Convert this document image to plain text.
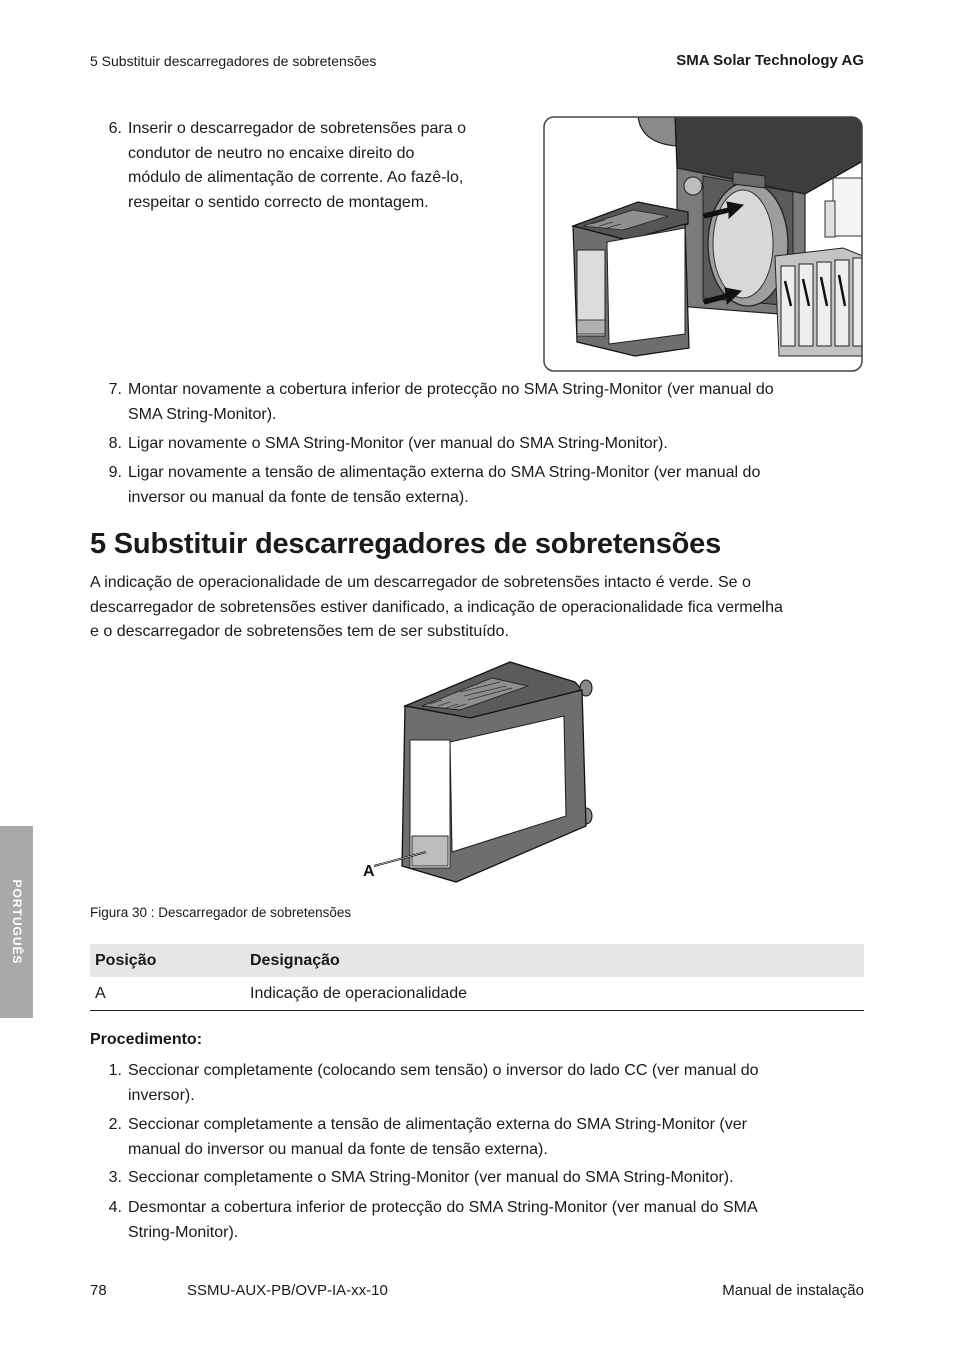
5 Substituir descarregadores de sobretensões	SMA Solar Technology AG
6. Inserir o descarregador de sobretensões para o
condutor de neutro no encaixe direito do
módulo de alimentação de corrente. Ao fazê-lo,
respeitar o sentido correcto de montagem.
7. Montar novamente a cobertura inferior de protecção no SMA String-Monitor (ver manual do
SMA String-Monitor).
8. Ligar novamente o SMA String-Monitor (ver manual do SMA String-Monitor).
9. Ligar novamente a tensão de alimentação externa do SMA String-Monitor (ver manual do
inversor ou manual da fonte de tensão externa).
5 Substituir descarregadores de sobretensões
A indicação de operacionalidade de um descarregador de sobretensões intacto é verde. Se o
descarregador de sobretensões estiver danificado, a indicação de operacionalidade fica vermelha
e o descarregador de sobretensões tem de ser substituído.
A
Figura 30 : Descarregador de sobretensões
Posição	Designação
A	Indicação de operacionalidade
Procedimento:
1. Seccionar completamente (colocando sem tensão) o inversor do lado CC (ver manual do
inversor).
2. Seccionar completamente a tensão de alimentação externa do SMA String-Monitor (ver
manual do inversor ou manual da fonte de tensão externa).
3. Seccionar completamente o SMA String-Monitor (ver manual do SMA String-Monitor).
4. Desmontar a cobertura inferior de protecção do SMA String-Monitor (ver manual do SMA
String-Monitor).
PORTUGUÊS
78	SSMU-AUX-PB/OVP-IA-xx-10	Manual de instalação
